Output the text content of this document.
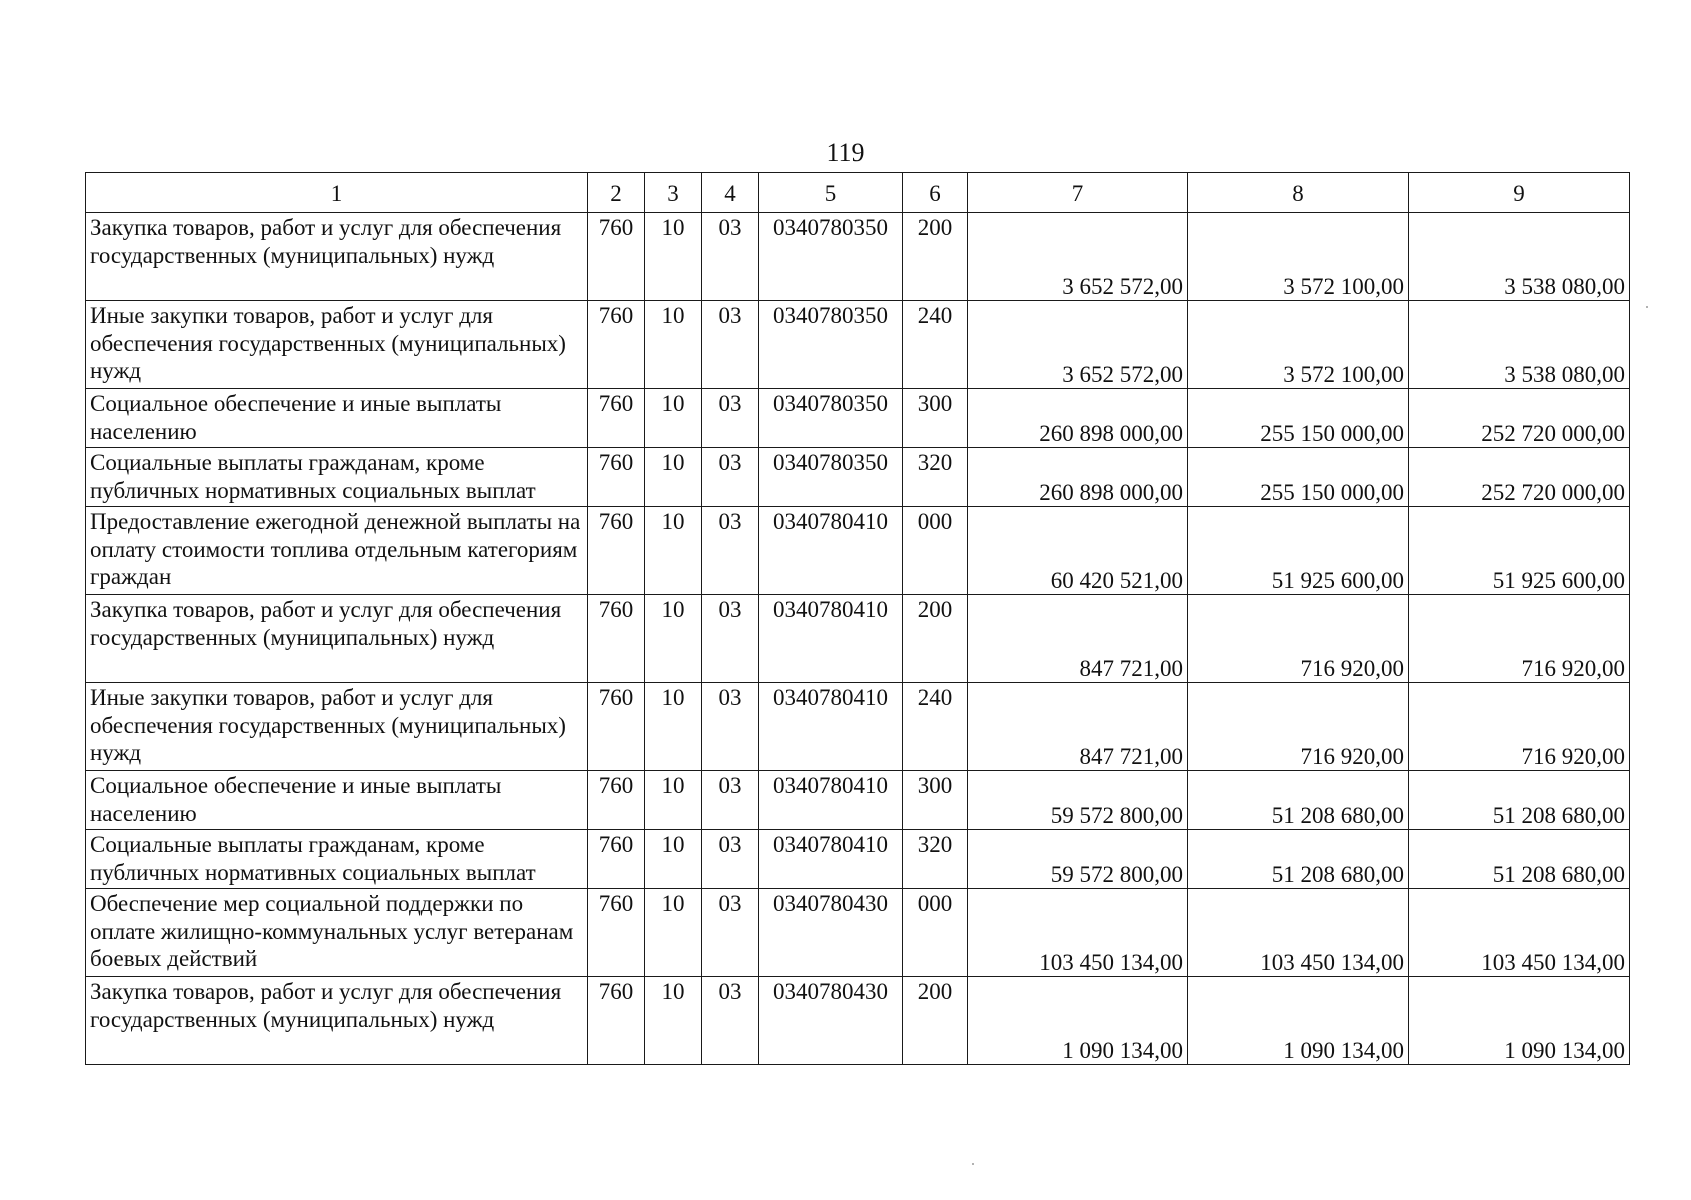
119
1	2	3	4	5	6	7	8	9
Закупка товаров, работ и услуг для обеспечения государственных (муниципальных) нужд	760	10	03	0340780350	200	3 652 572,00	3 572 100,00	3 538 080,00
Иные закупки товаров, работ и услуг для обеспечения государственных (муниципальных) нужд	760	10	03	0340780350	240	3 652 572,00	3 572 100,00	3 538 080,00
Социальное обеспечение и иные выплаты населению	760	10	03	0340780350	300	260 898 000,00	255 150 000,00	252 720 000,00
Социальные выплаты гражданам, кроме публичных нормативных социальных выплат	760	10	03	0340780350	320	260 898 000,00	255 150 000,00	252 720 000,00
Предоставление ежегодной денежной выплаты на оплату стоимости топлива отдельным категориям граждан	760	10	03	0340780410	000	60 420 521,00	51 925 600,00	51 925 600,00
Закупка товаров, работ и услуг для обеспечения государственных (муниципальных) нужд	760	10	03	0340780410	200	847 721,00	716 920,00	716 920,00
Иные закупки товаров, работ и услуг для обеспечения государственных (муниципальных) нужд	760	10	03	0340780410	240	847 721,00	716 920,00	716 920,00
Социальное обеспечение и иные выплаты населению	760	10	03	0340780410	300	59 572 800,00	51 208 680,00	51 208 680,00
Социальные выплаты гражданам, кроме публичных нормативных социальных выплат	760	10	03	0340780410	320	59 572 800,00	51 208 680,00	51 208 680,00
Обеспечение мер социальной поддержки по оплате жилищно-коммунальных услуг ветеранам боевых действий	760	10	03	0340780430	000	103 450 134,00	103 450 134,00	103 450 134,00
Закупка товаров, работ и услуг для обеспечения государственных (муниципальных) нужд	760	10	03	0340780430	200	1 090 134,00	1 090 134,00	1 090 134,00
